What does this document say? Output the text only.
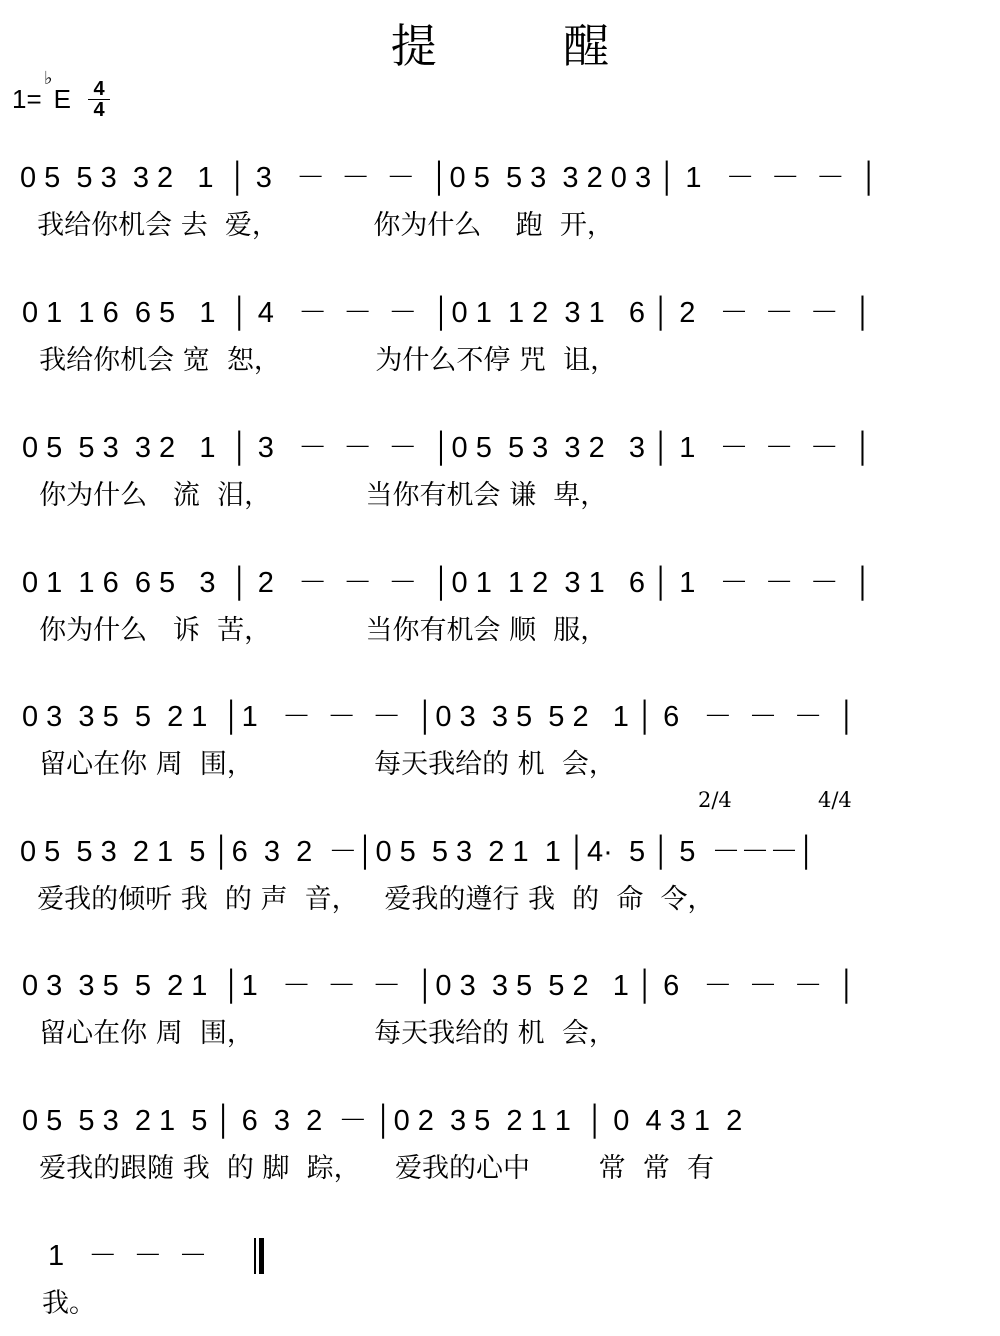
提 醒
1=
♭
E 4
4
0 5  5 3  3 2   1  │ 3   －  －  －  │0 5  5 3  3 2 0 3 │ 1   －  －  －  │
我给你机会 去  爱，           你为什么    跑  开，
0 1  1 6  6 5   1  │ 4   －  －  －  │0 1  1 2  3 1   6 │ 2   －  －  －  │
我给你机会 宽  恕，           为什么不停 咒  诅，
0 5  5 3  3 2   1  │ 3   －  －  －  │0 5  5 3  3 2   3 │ 1   －  －  －  │
你为什么   流  泪，           当你有机会 谦  卑，
0 1  1 6  6 5   3  │ 2   －  －  －  │0 1  1 2  3 1   6 │ 1   －  －  －  │
你为什么   诉  苦，           当你有机会 顺  服，
0 3  3 5  5  2 1  │1   －  －  －  │0 3  3 5  5 2   1 │ 6   －  －  －  │
留心在你 周  围，              每天我给的 机  会，
2/4	4/4
0 5  5 3  2 1  5 │6  3  2  －│0 5  5 3  2 1  1 │4·  5 │ 5  －－－│
爱我的倾听 我  的 声  音，   爱我的遵行 我  的  命  令，
0 3  3 5  5  2 1  │1   －  －  －  │0 3  3 5  5 2   1 │ 6   －  －  －  │
留心在你 周  围，              每天我给的 机  会，
0 5  5 3  2 1  5 │ 6  3  2  － │0 2  3 5  2 1 1  │ 0  4 3 1  2
爱我的跟随 我  的 脚  踪，    爱我的心中        常  常  有
1   －  －  －
我。
